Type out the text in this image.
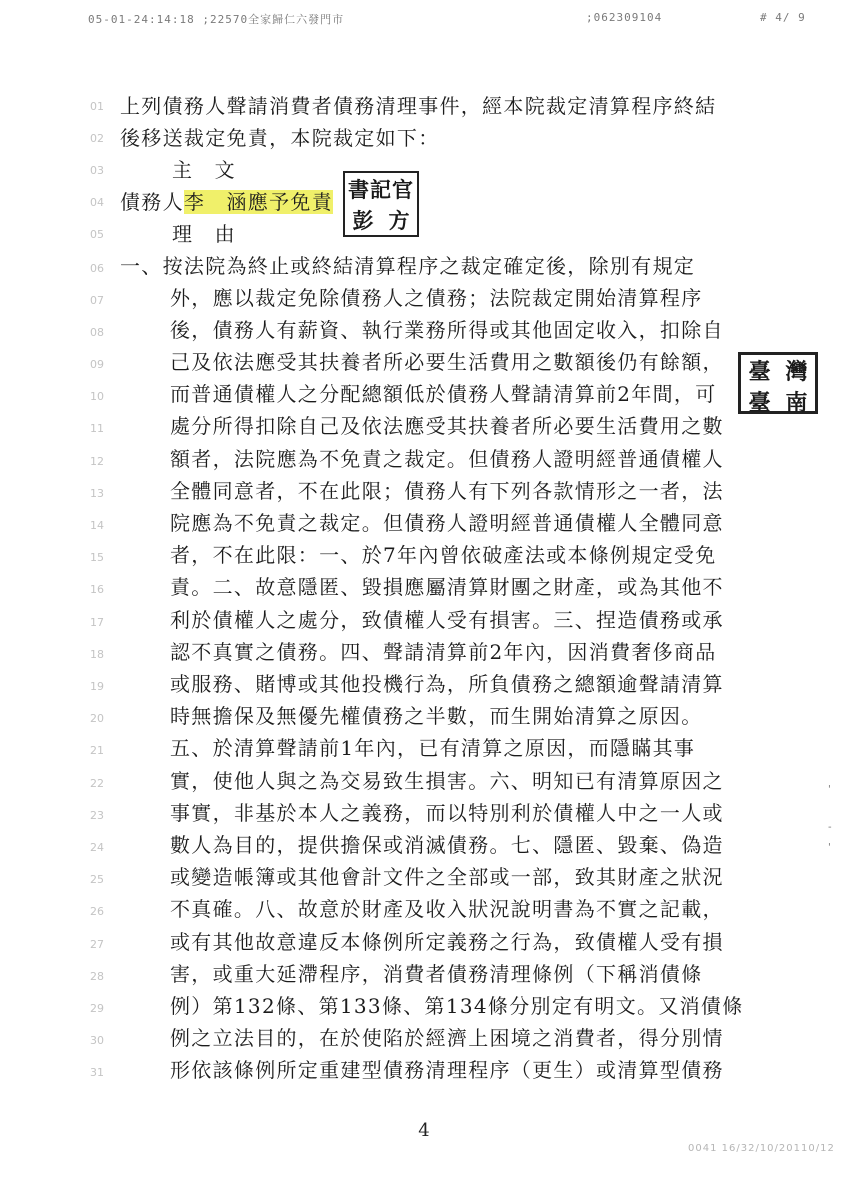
05-01-24:14:18 ;22570全家歸仁六發門市	;062309104	# 4/ 9
01
02
03
04
05
06
07
08
09
10
11
12
13
14
15
16
17
18
19
20
21
22
23
24
25
26
27
28
29
30
31
上列債務人聲請消費者債務清理事件，經本院裁定清算程序終結
後移送裁定免責，本院裁定如下：
主　文
債務人李　涵應予免責
書記官
彭 方
理　由
一、按法院為終止或終結清算程序之裁定確定後，除別有規定
外，應以裁定免除債務人之債務；法院裁定開始清算程序
後，債務人有薪資、執行業務所得或其他固定收入，扣除自
己及依法應受其扶養者所必要生活費用之數額後仍有餘額，
而普通債權人之分配總額低於債務人聲請清算前2年間，可
處分所得扣除自己及依法應受其扶養者所必要生活費用之數
額者，法院應為不免責之裁定。但債務人證明經普通債權人
全體同意者，不在此限；債務人有下列各款情形之一者，法
院應為不免責之裁定。但債務人證明經普通債權人全體同意
者，不在此限：一、於7年內曾依破產法或本條例規定受免
責。二、故意隱匿、毀損應屬清算財團之財產，或為其他不
利於債權人之處分，致債權人受有損害。三、捏造債務或承
認不真實之債務。四、聲請清算前2年內，因消費奢侈商品
或服務、賭博或其他投機行為，所負債務之總額逾聲請清算
時無擔保及無優先權債務之半數，而生開始清算之原因。
五、於清算聲請前1年內，已有清算之原因，而隱瞞其事
實，使他人與之為交易致生損害。六、明知已有清算原因之
事實，非基於本人之義務，而以特別利於債權人中之一人或
數人為目的，提供擔保或消滅債務。七、隱匿、毀棄、偽造
或變造帳簿或其他會計文件之全部或一部，致其財產之狀況
不真確。八、故意於財產及收入狀況說明書為不實之記載，
或有其他故意違反本條例所定義務之行為，致債權人受有損
害，或重大延滯程序，消費者債務清理條例（下稱消債條
例）第132條、第133條、第134條分別定有明文。又消債條
例之立法目的，在於使陷於經濟上困境之消費者，得分別情
形依該條例所定重建型債務清理程序（更生）或清算型債務
臺 灣
臺 南
'
-
'
4
0041 16/32/10/20110/12
